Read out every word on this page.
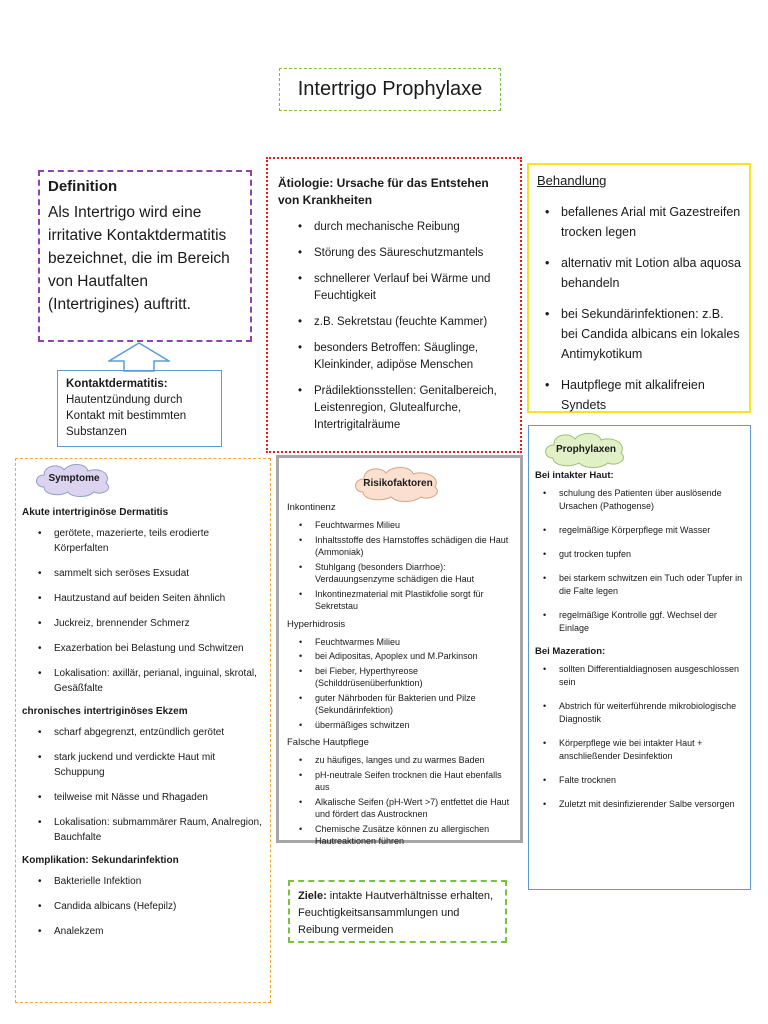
Intertrigo Prophylaxe
Definition
Als Intertrigo wird eine irritative Kontaktdermatitis bezeichnet, die im Bereich von Hautfalten (Intertrigines) auftritt.
Kontaktdermatitis:
Hautentzündung durch Kontakt mit bestimmten Substanzen
Ätiologie: Ursache für das Entstehen von Krankheiten
• durch mechanische Reibung
• Störung des Säureschutzmantels
• schnellerer Verlauf bei Wärme und Feuchtigkeit
• z.B. Sekretstau (feuchte Kammer)
• besonders Betroffen: Säuglinge, Kleinkinder, adipöse Menschen
• Prädilektionsstellen: Genitalbereich, Leistenregion, Glutealfurche, Intertrigitalräume
Behandlung
• befallenes Arial mit Gazestreifen trocken legen
• alternativ mit Lotion alba aquosa behandeln
• bei Sekundärinfektionen: z.B. bei Candida albicans ein lokales Antimykotikum
• Hautpflege mit alkalifreien Syndets
Symptome
Akute intertriginöse Dermatitis
• gerötete, mazerierte, teils erodierte Körperfalten
• sammelt sich seröses Exsudat
• Hautzustand auf beiden Seiten ähnlich
• Juckreiz, brennender Schmerz
• Exazerbation bei Belastung und Schwitzen
• Lokalisation: axillär, perianal, inguinal, skrotal, Gesäßfalte
chronisches intertriginöses Ekzem
• scharf abgegrenzt, entzündlich gerötet
• stark juckend und verdickte Haut mit Schuppung
• teilweise mit Nässe und Rhagaden
• Lokalisation: submammärer Raum, Analregion, Bauchfalte
Komplikation: Sekundarinfektion
• Bakterielle Infektion
• Candida albicans (Hefepilz)
• Analekzem
Risikofaktoren
Inkontinenz
• Feuchtwarmes Milieu
• Inhaltsstoffe des Harnstoffes schädigen die Haut (Ammoniak)
• Stuhlgang (besonders Diarrhoe): Verdauungsenzyme schädigen die Haut
• Inkontinezmaterial mit Plastikfolie sorgt für Sekretstau
Hyperhidrosis
• Feuchtwarmes Milieu
• bei Adipositas, Apoplex und M.Parkinson
• bei Fieber, Hyperthyreose (Schilddrüsenüberfunktion)
• guter Nährboden für Bakterien und Pilze (Sekundärinfektion)
• übermäßiges schwitzen
Falsche Hautpflege
• zu häufiges, langes und zu warmes Baden
• pH-neutrale Seifen trocknen die Haut ebenfalls aus
• Alkalische Seifen (pH-Wert >7) entfettet die Haut und fördert das Austrocknen
• Chemische Zusätze können zu allergischen Hautreaktionen führen
Prophylaxen
Bei intakter Haut:
• schulung des Patienten über auslösende Ursachen (Pathogense)
• regelmäßige Körperpflege mit Wasser
• gut trocken tupfen
• bei starkem schwitzen ein Tuch oder Tupfer in die Falte legen
• regelmäßige Kontrolle ggf. Wechsel der Einlage
Bei Mazeration:
• sollten Differentialdiagnosen ausgeschlossen sein
• Abstrich für weiterführende mikrobiologische Diagnostik
• Körperpflege wie bei intakter Haut + anschließender Desinfektion
• Falte trocknen
• Zuletzt mit desinfizierender Salbe versorgen
Ziele: intakte Hautverhältnisse erhalten, Feuchtigkeitsansammlungen und Reibung vermeiden
